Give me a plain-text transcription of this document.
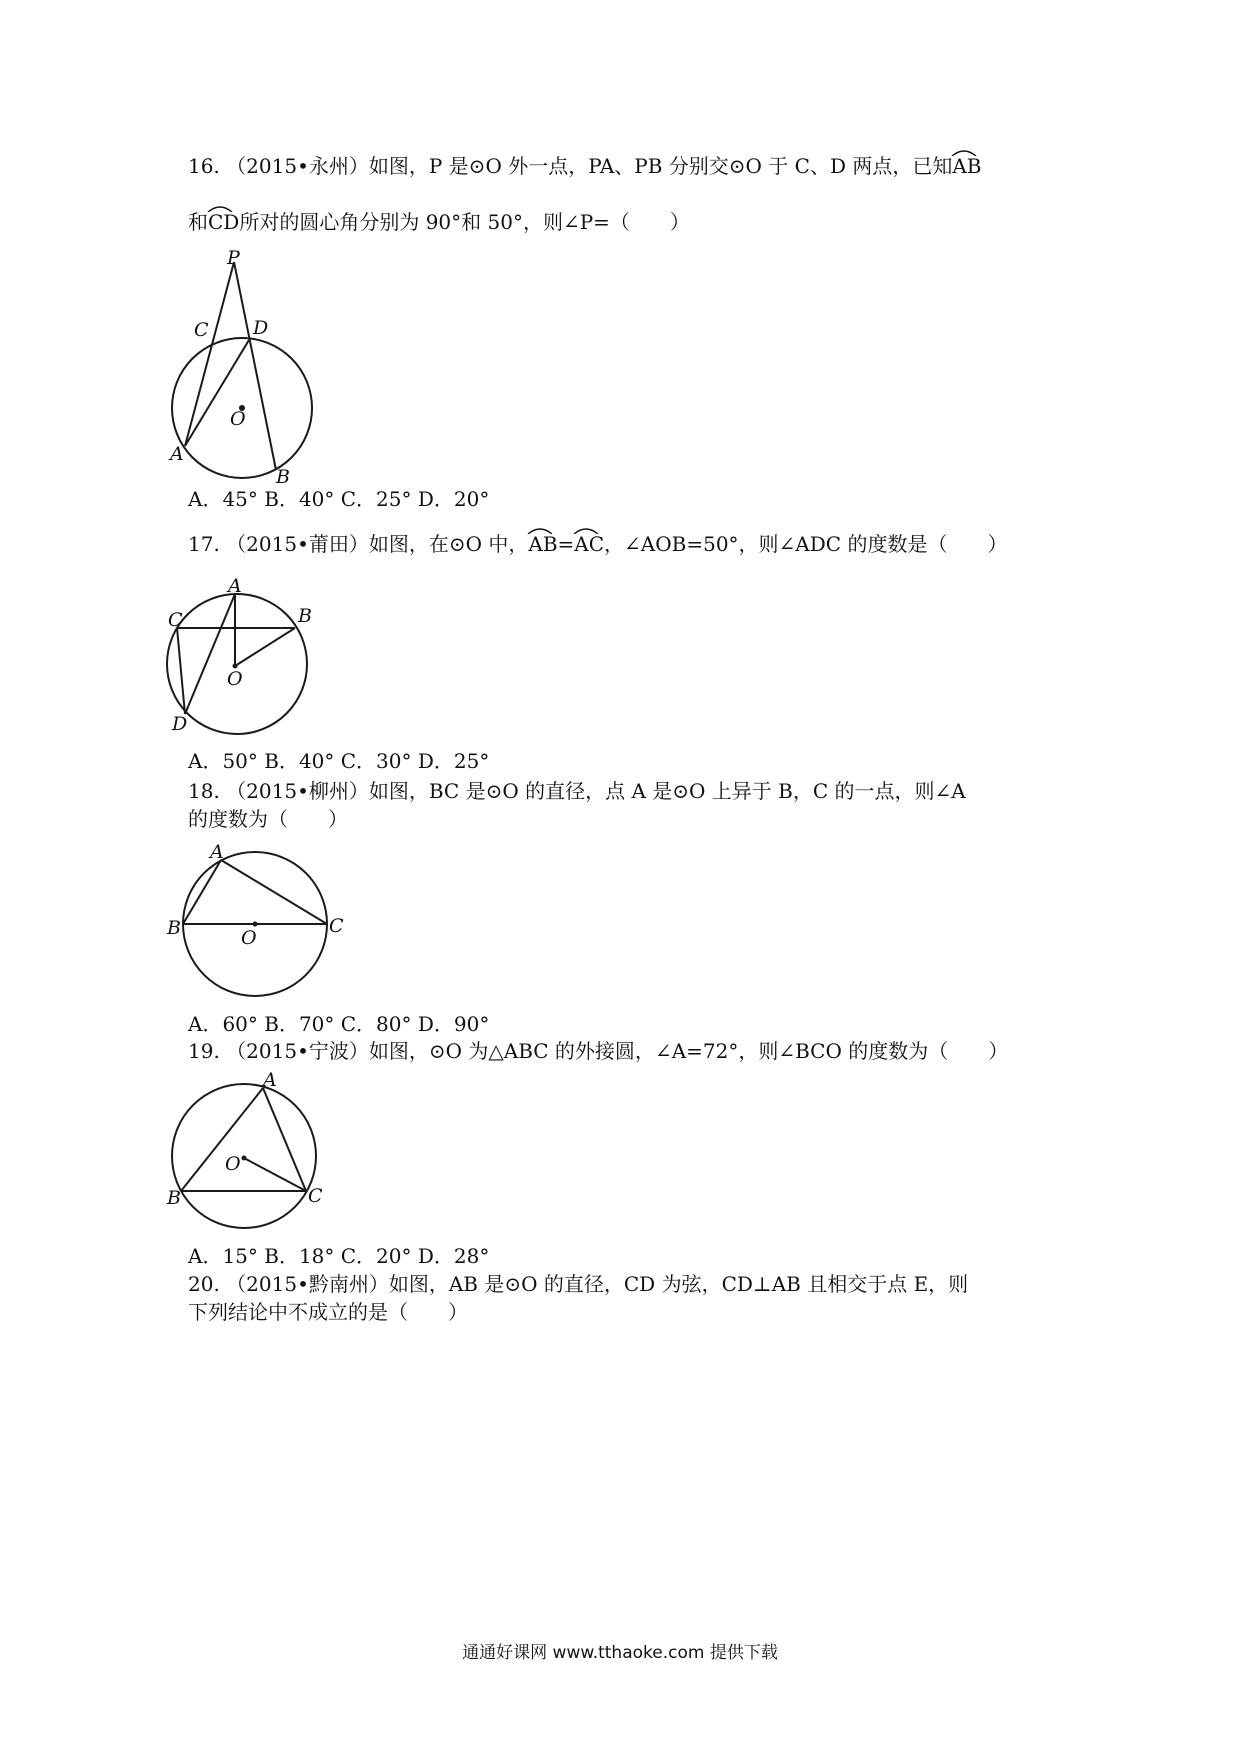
16. （2015•永州）如图，P 是⊙O 外一点，PA、PB 分别交⊙O 于 C、D 两点，已知AB
和CD
所对的圆心角分别为 90°和 50°，则∠P=（　　）
P
C D
O
A
B
A．45° B．40° C．25° D．20°
17. （2015•莆田）如图，在⊙O 中，AB
=AC
，∠AOB=50°，则∠ADC 的度数是（　　）
A
B
C
O
D
A．50° B．40° C．30° D．25°
18. （2015•柳州）如图，BC 是⊙O 的直径，点 A 是⊙O 上异于 B，C 的一点，则∠A
的度数为（　　）
A
B	O
C
A．60° B．70° C．80° D．90°
19. （2015•宁波）如图，⊙O 为△ABC 的外接圆，∠A=72°，则∠BCO 的度数为（　　）
A
O
B	C
A．15° B．18° C．20° D．28°
20. （2015•黔南州）如图，AB 是⊙O 的直径，CD 为弦，CD⊥AB 且相交于点 E，则
下列结论中不成立的是（　　）
通通好课网 www.tthaoke.com 提供下载
